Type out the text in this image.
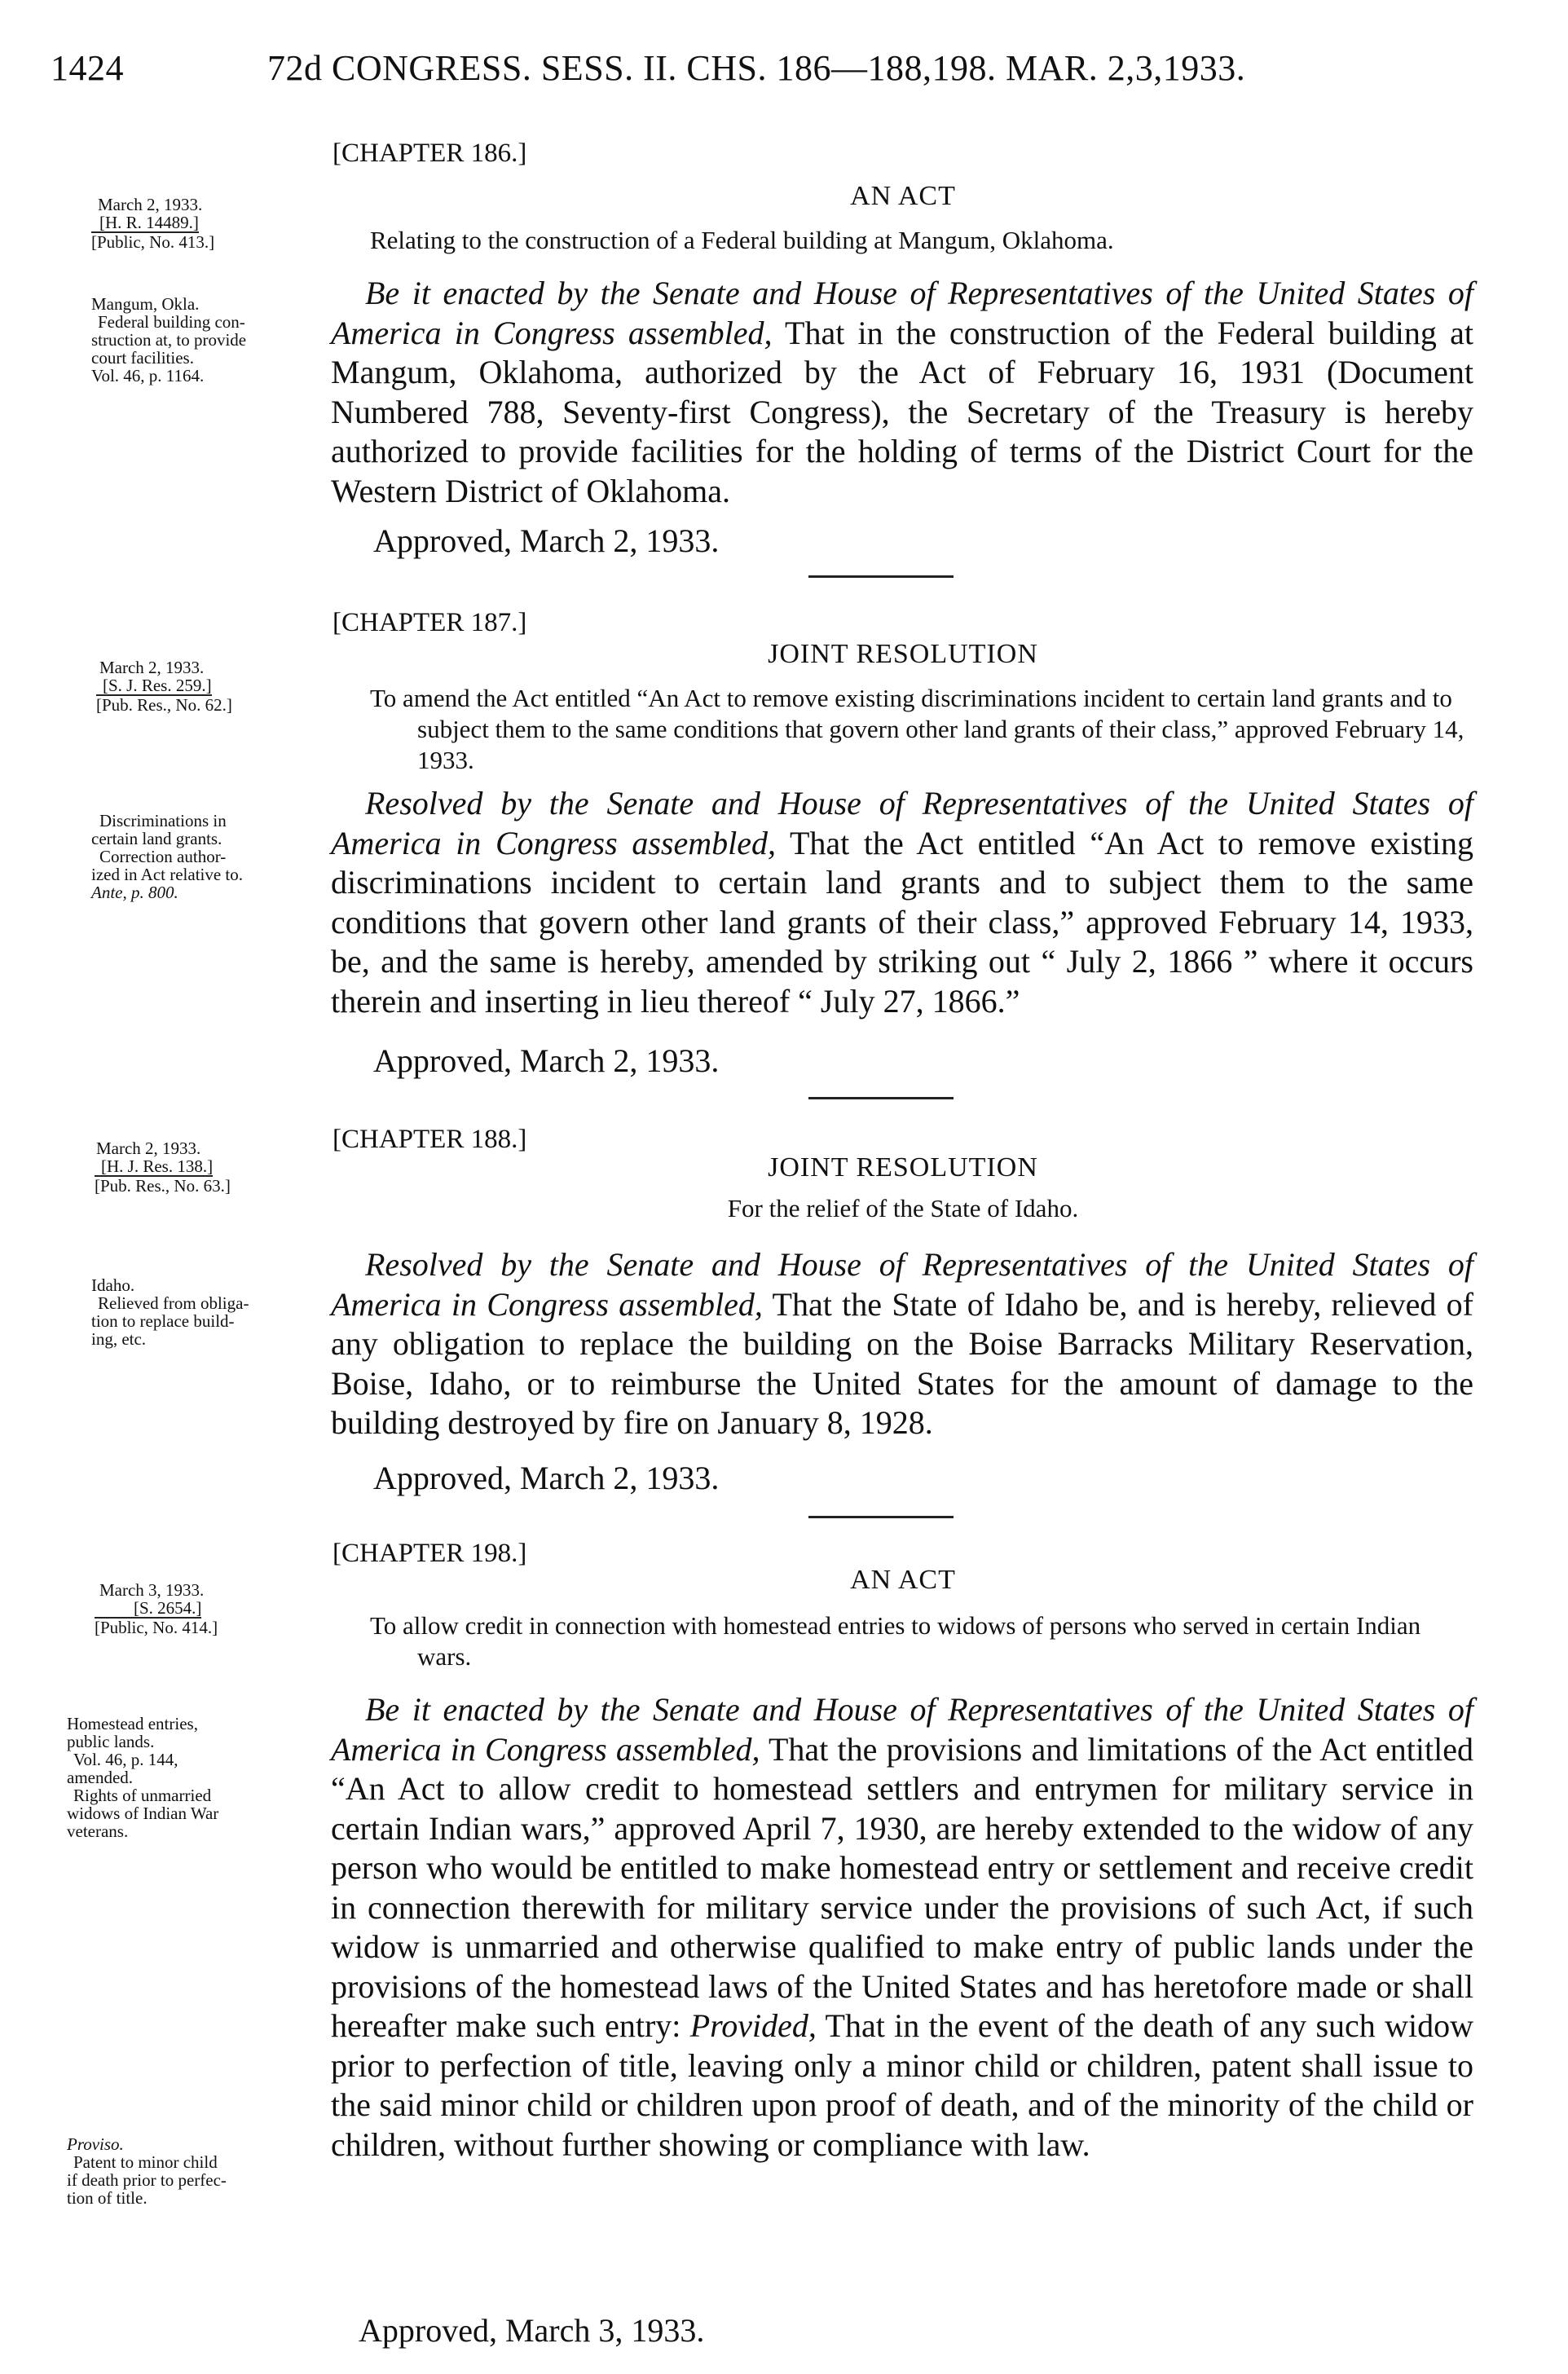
1424	72d CONGRESS. SESS. II. CHS. 186—188,198. MAR. 2,3,1933.
[CHAPTER 186.]
AN ACT
March 2, 1933.
[H. R. 14489.]
[Public, No. 413.]	Relating to the construction of a Federal building at Mangum, Oklahoma.
Mangum, Okla.
Federal building con-
struction at, to provide
court facilities.
Vol. 46, p. 1164.

Be it enacted by the Senate and House of Representatives of the United States of America in Congress assembled, That in the construction of the Federal building at Mangum, Oklahoma, authorized by the Act of February 16, 1931 (Document Numbered 788, Seventy-first Congress), the Secretary of the Treasury is hereby authorized to provide facilities for the holding of terms of the District Court for the Western District of Oklahoma.

Approved, March 2, 1933.
[CHAPTER 187.]
JOINT RESOLUTION
March 2, 1933.
[S. J. Res. 259.]
[Pub. Res., No. 62.]	To amend the Act entitled “An Act to remove existing discriminations incident to certain land grants and to subject them to the same conditions that govern other land grants of their class,” approved February 14, 1933.
Discriminations in
certain land grants.
Correction author-
ized in Act relative to.
Ante, p. 800.

Resolved by the Senate and House of Representatives of the United States of America in Congress assembled, That the Act entitled “An Act to remove existing discriminations incident to certain land grants and to subject them to the same conditions that govern other land grants of their class,” approved February 14, 1933, be, and the same is hereby, amended by striking out “ July 2, 1866 ” where it occurs therein and inserting in lieu thereof “ July 27, 1866.”

Approved, March 2, 1933.
[CHAPTER 188.]
JOINT RESOLUTION
March 2, 1933.
[H. J. Res. 138.]
[Pub. Res., No. 63.]
For the relief of the State of Idaho.
Idaho.
Relieved from obliga-
tion to replace build-
ing, etc.

Resolved by the Senate and House of Representatives of the United States of America in Congress assembled, That the State of Idaho be, and is hereby, relieved of any obligation to replace the building on the Boise Barracks Military Reservation, Boise, Idaho, or to reimburse the United States for the amount of damage to the building destroyed by fire on January 8, 1928.

Approved, March 2, 1933.
[CHAPTER 198.]
AN ACT
March 3, 1933.
[S. 2654.]
[Public, No. 414.]	To allow credit in connection with homestead entries to widows of persons who served in certain Indian wars.
Homestead entries,
public lands.
Vol. 46, p. 144,
amended.
Rights of unmarried
widows of Indian War
veterans.
Proviso.
Patent to minor child
if death prior to perfec-
tion of title.

Be it enacted by the Senate and House of Representatives of the United States of America in Congress assembled, That the provisions and limitations of the Act entitled “An Act to allow credit to homestead settlers and entrymen for military service in certain Indian wars,” approved April 7, 1930, are hereby extended to the widow of any person who would be entitled to make homestead entry or settlement and receive credit in connection therewith for military service under the provisions of such Act, if such widow is unmarried and otherwise qualified to make entry of public lands under the provisions of the homestead laws of the United States and has heretofore made or shall hereafter make such entry: Provided, That in the event of the death of any such widow prior to perfection of title, leaving only a minor child or children, patent shall issue to the said minor child or children upon proof of death, and of the minority of the child or children, without further showing or compliance with law.

Approved, March 3, 1933.
